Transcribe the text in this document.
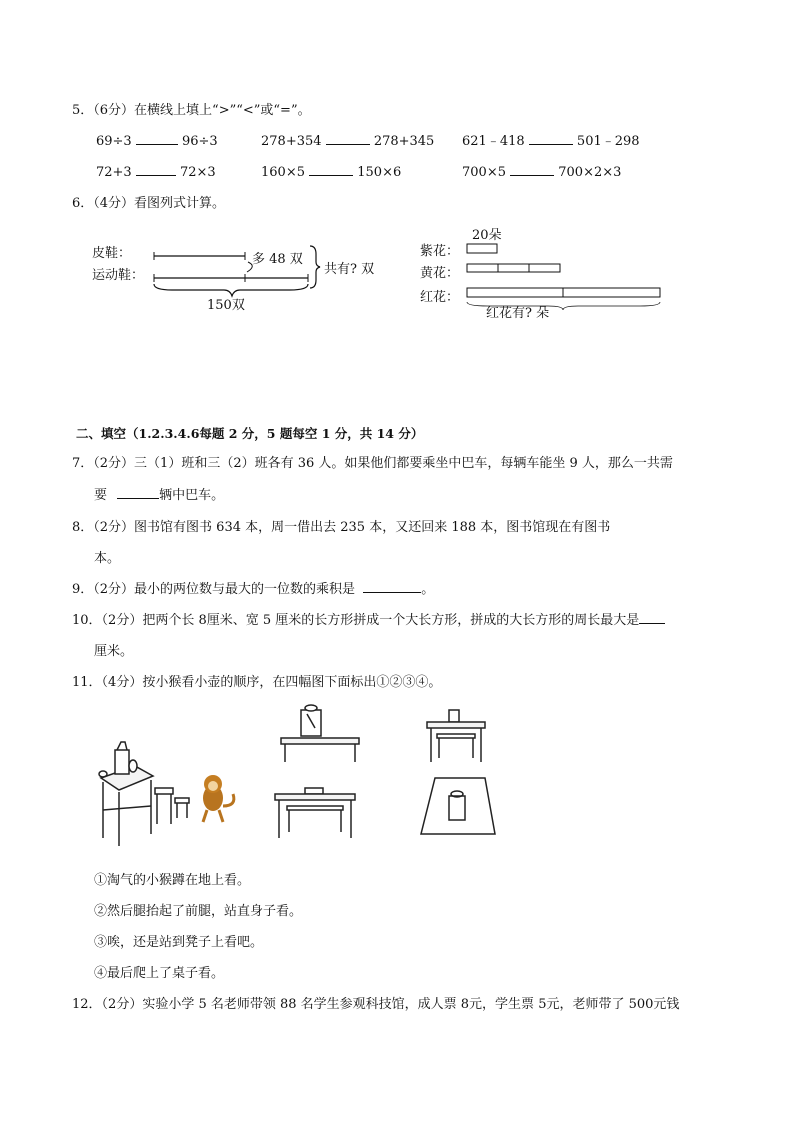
5．（6分）在横线上填上“>”“<”或“=”。
69÷3	96÷3	278+354	278+345 621﹣418	501﹣298
72+3	72×3	160×5	150×6	700×5	700×2×3
6．（4分）看图列式计算。
皮鞋：
运动鞋：
多 48 双
共有? 双
150双
20朵
紫花：
黄花：
红花：
红花有? 朵
二、填空（1.2.3.4.6每题 2 分，5 题每空 1 分，共 14 分）
7．（2分）三（1）班和三（2）班各有 36 人。如果他们都要乘坐中巴车，每辆车能坐 9 人，那么一共需
要	辆中巴车。
8．（2分）图书馆有图书 634 本，周一借出去 235 本，又还回来 188 本，图书馆现在有图书
本。
9．（2分）最小的两位数与最大的一位数的乘积是	。
10．（2分）把两个长 8厘米、宽 5 厘米的长方形拼成一个大长方形，拼成的大长方形的周长最大是
厘米。
11．（4分）按小猴看小壶的顺序，在四幅图下面标出①②③④。
①淘气的小猴蹲在地上看。
②然后腿抬起了前腿，站直身子看。
③唉，还是站到凳子上看吧。
④最后爬上了桌子看。
12．（2分）实验小学 5 名老师带领 88 名学生参观科技馆，成人票 8元，学生票 5元，老师带了 500元钱
